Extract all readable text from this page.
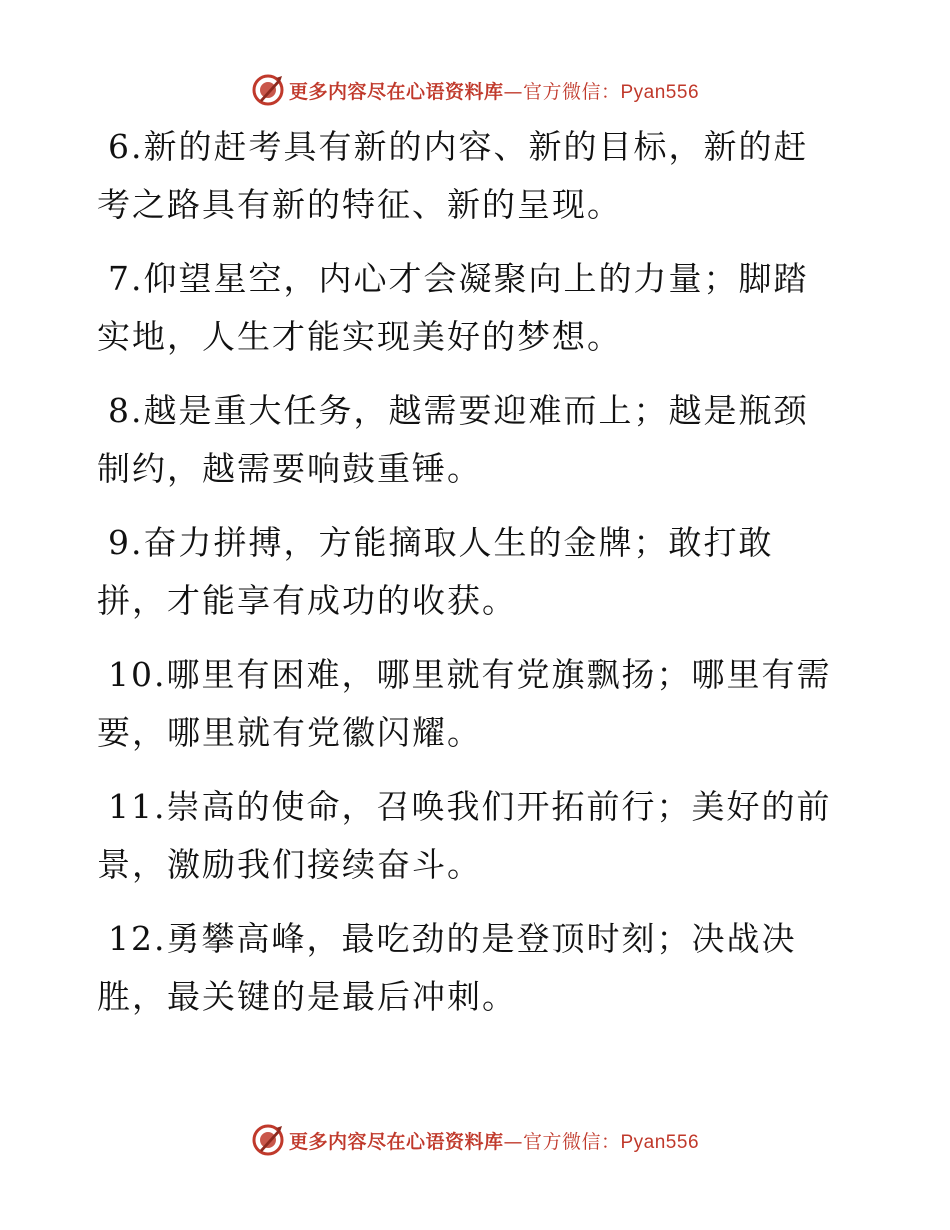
更多内容尽在心语资料库—官方微信：Pyan556

6.新的赶考具有新的内容、新的目标，新的赶考之路具有新的特征、新的呈现。

7.仰望星空，内心才会凝聚向上的力量；脚踏实地，人生才能实现美好的梦想。

8.越是重大任务，越需要迎难而上；越是瓶颈制约，越需要响鼓重锤。

9.奋力拼搏，方能摘取人生的金牌；敢打敢拼，才能享有成功的收获。

10.哪里有困难，哪里就有党旗飘扬；哪里有需要，哪里就有党徽闪耀。

11.崇高的使命，召唤我们开拓前行；美好的前景，激励我们接续奋斗。

12.勇攀高峰，最吃劲的是登顶时刻；决战决胜，最关键的是最后冲刺。

更多内容尽在心语资料库—官方微信：Pyan556
